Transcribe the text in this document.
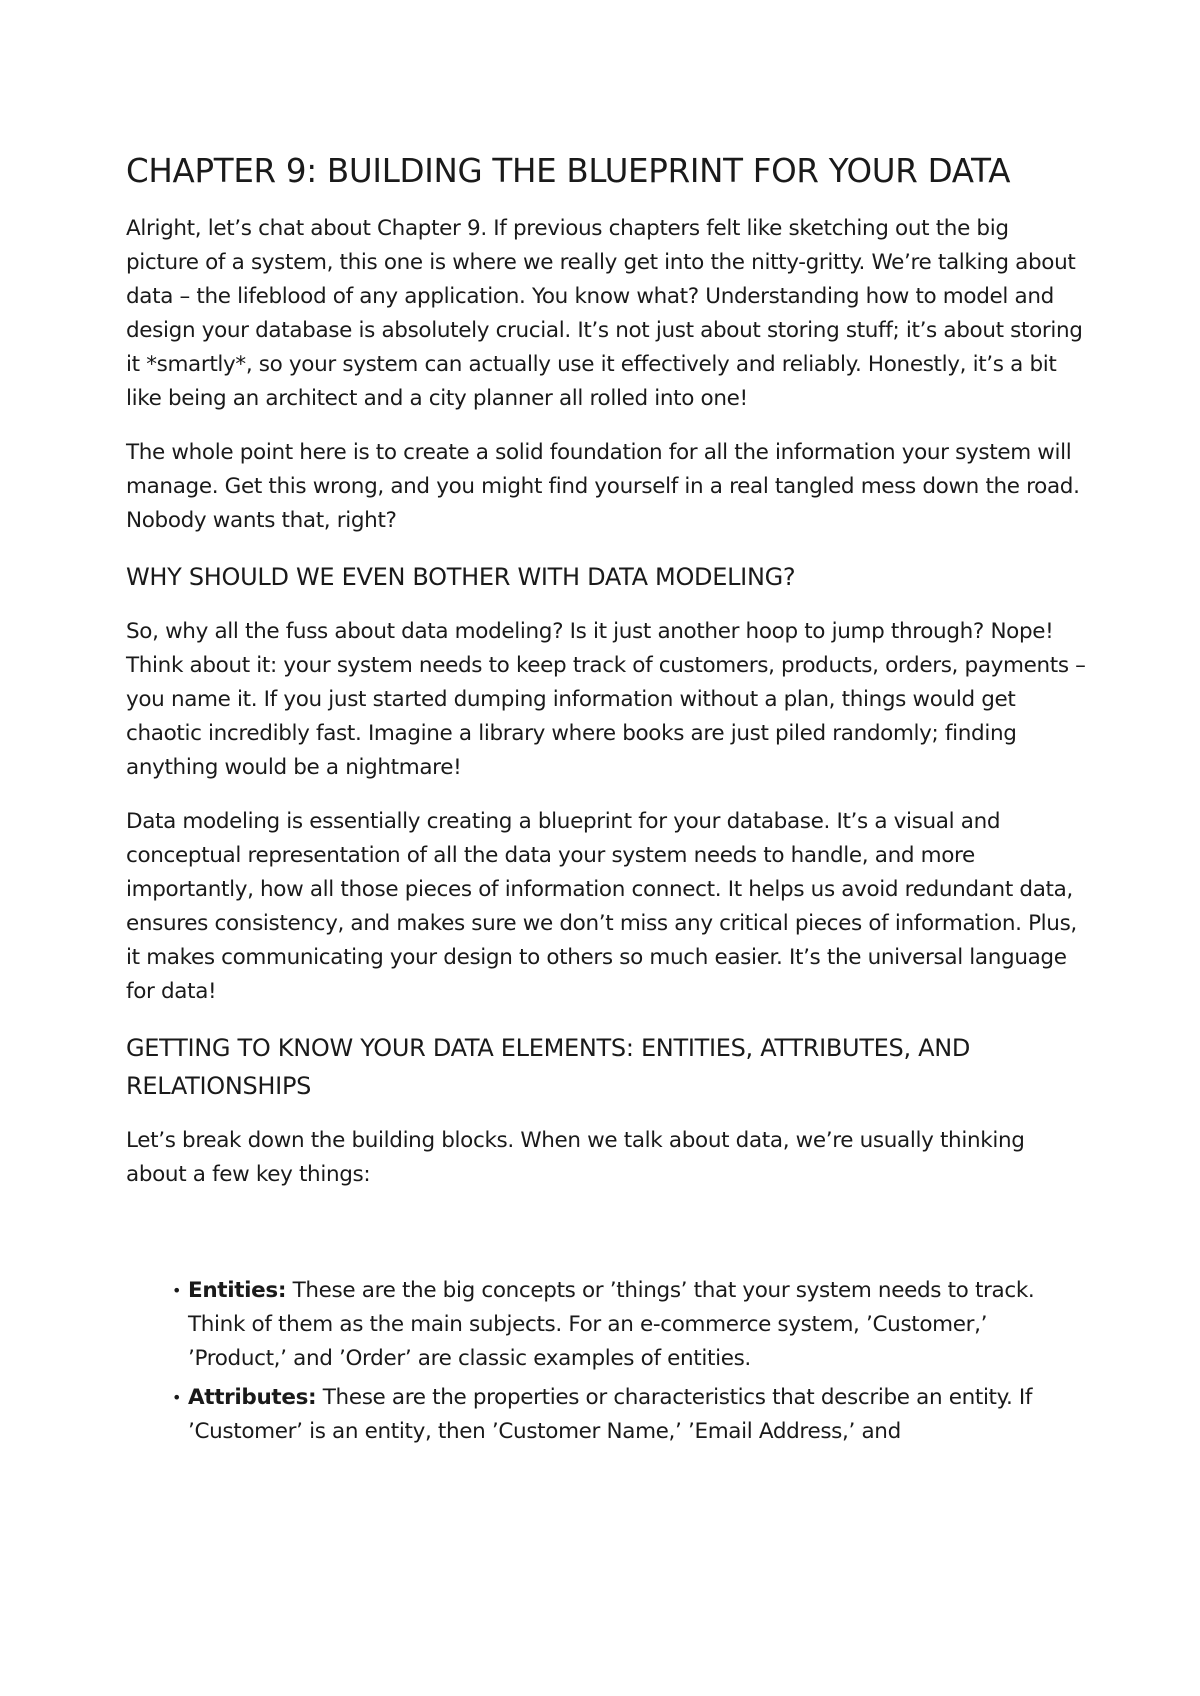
CHAPTER 9: BUILDING THE BLUEPRINT FOR YOUR DATA

Alright, let’s chat about Chapter 9. If previous chapters felt like sketching out the big picture of a system, this one is where we really get into the nitty-gritty. We’re talking about data – the lifeblood of any application. You know what? Understanding how to model and design your database is absolutely crucial. It’s not just about storing stuff; it’s about storing it *smartly*, so your system can actually use it effectively and reliably. Honestly, it’s a bit like being an architect and a city planner all rolled into one!

The whole point here is to create a solid foundation for all the information your system will manage. Get this wrong, and you might find yourself in a real tangled mess down the road. Nobody wants that, right?

WHY SHOULD WE EVEN BOTHER WITH DATA MODELING?

So, why all the fuss about data modeling? Is it just another hoop to jump through? Nope! Think about it: your system needs to keep track of customers, products, orders, payments – you name it. If you just started dumping information without a plan, things would get chaotic incredibly fast. Imagine a library where books are just piled randomly; finding anything would be a nightmare!

Data modeling is essentially creating a blueprint for your database. It’s a visual and conceptual representation of all the data your system needs to handle, and more importantly, how all those pieces of information connect. It helps us avoid redundant data, ensures consistency, and makes sure we don’t miss any critical pieces of information. Plus, it makes communicating your design to others so much easier. It’s the universal language for data!

GETTING TO KNOW YOUR DATA ELEMENTS: ENTITIES, ATTRIBUTES, AND RELATIONSHIPS

Let’s break down the building blocks. When we talk about data, we’re usually thinking about a few key things:

• Entities: These are the big concepts or ’things’ that your system needs to track. Think of them as the main subjects. For an e-commerce system, ’Customer,’ ’Product,’ and ’Order’ are classic examples of entities.
• Attributes: These are the properties or characteristics that describe an entity. If ’Customer’ is an entity, then ’Customer Name,’ ’Email Address,’ and
